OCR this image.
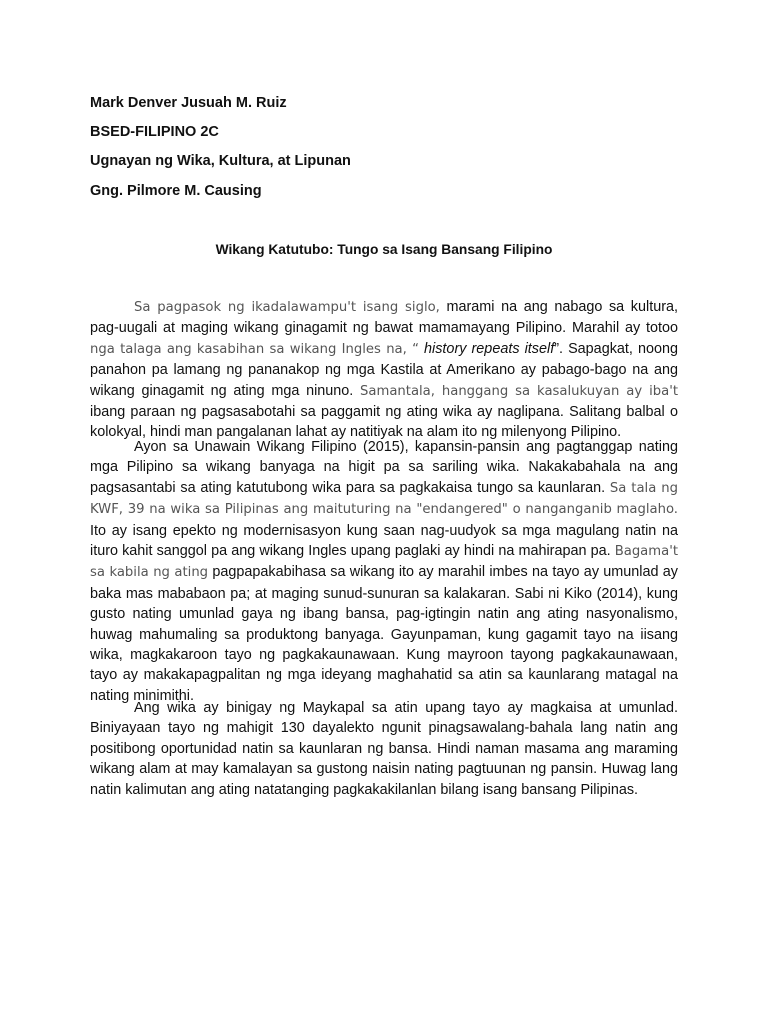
Mark Denver Jusuah M. Ruiz
BSED-FILIPINO 2C
Ugnayan ng Wika, Kultura, at Lipunan
Gng. Pilmore M. Causing
Wikang Katutubo: Tungo sa Isang Bansang Filipino

Sa pagpasok ng ikadalawampu't isang siglo, marami na ang nabago sa kultura, pag-uugali at maging wikang ginagamit ng bawat mamamayang Pilipino. Marahil ay totoo nga talaga ang kasabihan sa wikang Ingles na, “ history repeats itself”. Sapagkat, noong panahon pa lamang ng pananakop ng mga Kastila at Amerikano ay pabago-bago na ang wikang ginagamit ng ating mga ninuno. Samantala, hanggang sa kasalukuyan ay iba't ibang paraan ng pagsasabotahi sa paggamit ng ating wika ay naglipana. Salitang balbal o kolokyal, hindi man pangalanan lahat ay natitiyak na alam ito ng milenyong Pilipino.

Ayon sa Unawain Wikang Filipino (2015), kapansin-pansin ang pagtanggap nating mga Pilipino sa wikang banyaga na higit pa sa sariling wika. Nakakabahala na ang pagsasantabi sa ating katutubong wika para sa pagkakaisa tungo sa kaunlaran. Sa tala ng KWF, 39 na wika sa Pilipinas ang maituturing na "endangered" o nanganganib maglaho. Ito ay isang epekto ng modernisasyon kung saan nag-uudyok sa mga magulang natin na ituro kahit sanggol pa ang wikang Ingles upang paglaki ay hindi na mahirapan pa. Bagama't sa kabila ng ating pagpapakabihasa sa wikang ito ay marahil imbes na tayo ay umunlad ay baka mas mababaon pa; at maging sunud-sunuran sa kalakaran. Sabi ni Kiko (2014), kung gusto nating umunlad gaya ng ibang bansa, pag-igtingin natin ang ating nasyonalismo, huwag mahumaling sa produktong banyaga. Gayunpaman, kung gagamit tayo na iisang wika, magkakaroon tayo ng pagkakaunawaan. Kung mayroon tayong pagkakaunawaan, tayo ay makakapagpalitan ng mga ideyang maghahatid sa atin sa kaunlarang matagal na nating minimithi.

Ang wika ay binigay ng Maykapal sa atin upang tayo ay magkaisa at umunlad. Biniyayaan tayo ng mahigit 130 dayalekto ngunit pinagsawalang-bahala lang natin ang positibong oportunidad natin sa kaunlaran ng bansa. Hindi naman masama ang maraming wikang alam at may kamalayan sa gustong naisin nating pagtuunan ng pansin. Huwag lang natin kalimutan ang ating natatanging pagkakakilanlan bilang isang bansang Pilipinas.
